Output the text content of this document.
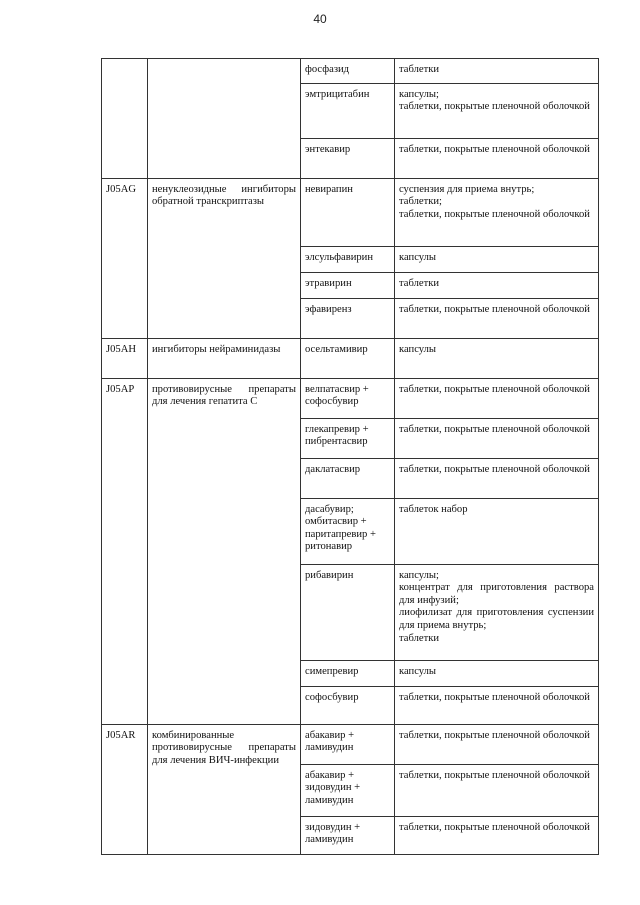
40
		фосфазид	таблетки

		эмтрицитабин	капсулы;
таблетки, покрытые пленочной оболочкой

		энтекавир	таблетки, покрытые пленочной оболочкой

J05AG	ненуклеозидные ингибиторы обратной транскриптазы	невирапин	суспензия для приема внутрь;
таблетки;
таблетки, покрытые пленочной оболочкой

		элсульфавирин	капсулы

		этравирин	таблетки

		эфавиренз	таблетки, покрытые пленочной оболочкой

J05AH	ингибиторы нейраминидазы	осельтамивир	капсулы

J05AP	противовирусные препараты для лечения гепатита C	велпатасвир +
софосбувир	таблетки, покрытые пленочной оболочкой

		глекапревир +
пибрентасвир	таблетки, покрытые пленочной оболочкой

		даклатасвир	таблетки, покрытые пленочной оболочкой

		дасабувир;
омбитасвир +
паритапревир +
ритонавир	таблеток набор

		рибавирин	капсулы;
концентрат для приготовления раствора для инфузий;
лиофилизат для приготовления суспензии для приема внутрь;
таблетки

		симепревир	капсулы

		софосбувир	таблетки, покрытые пленочной оболочкой

J05AR	комбинированные противовирусные препараты для лечения ВИЧ-инфекции	абакавир +
ламивудин	таблетки, покрытые пленочной оболочкой

		абакавир +
зидовудин +
ламивудин	таблетки, покрытые пленочной оболочкой

		зидовудин +
ламивудин	таблетки, покрытые пленочной оболочкой
